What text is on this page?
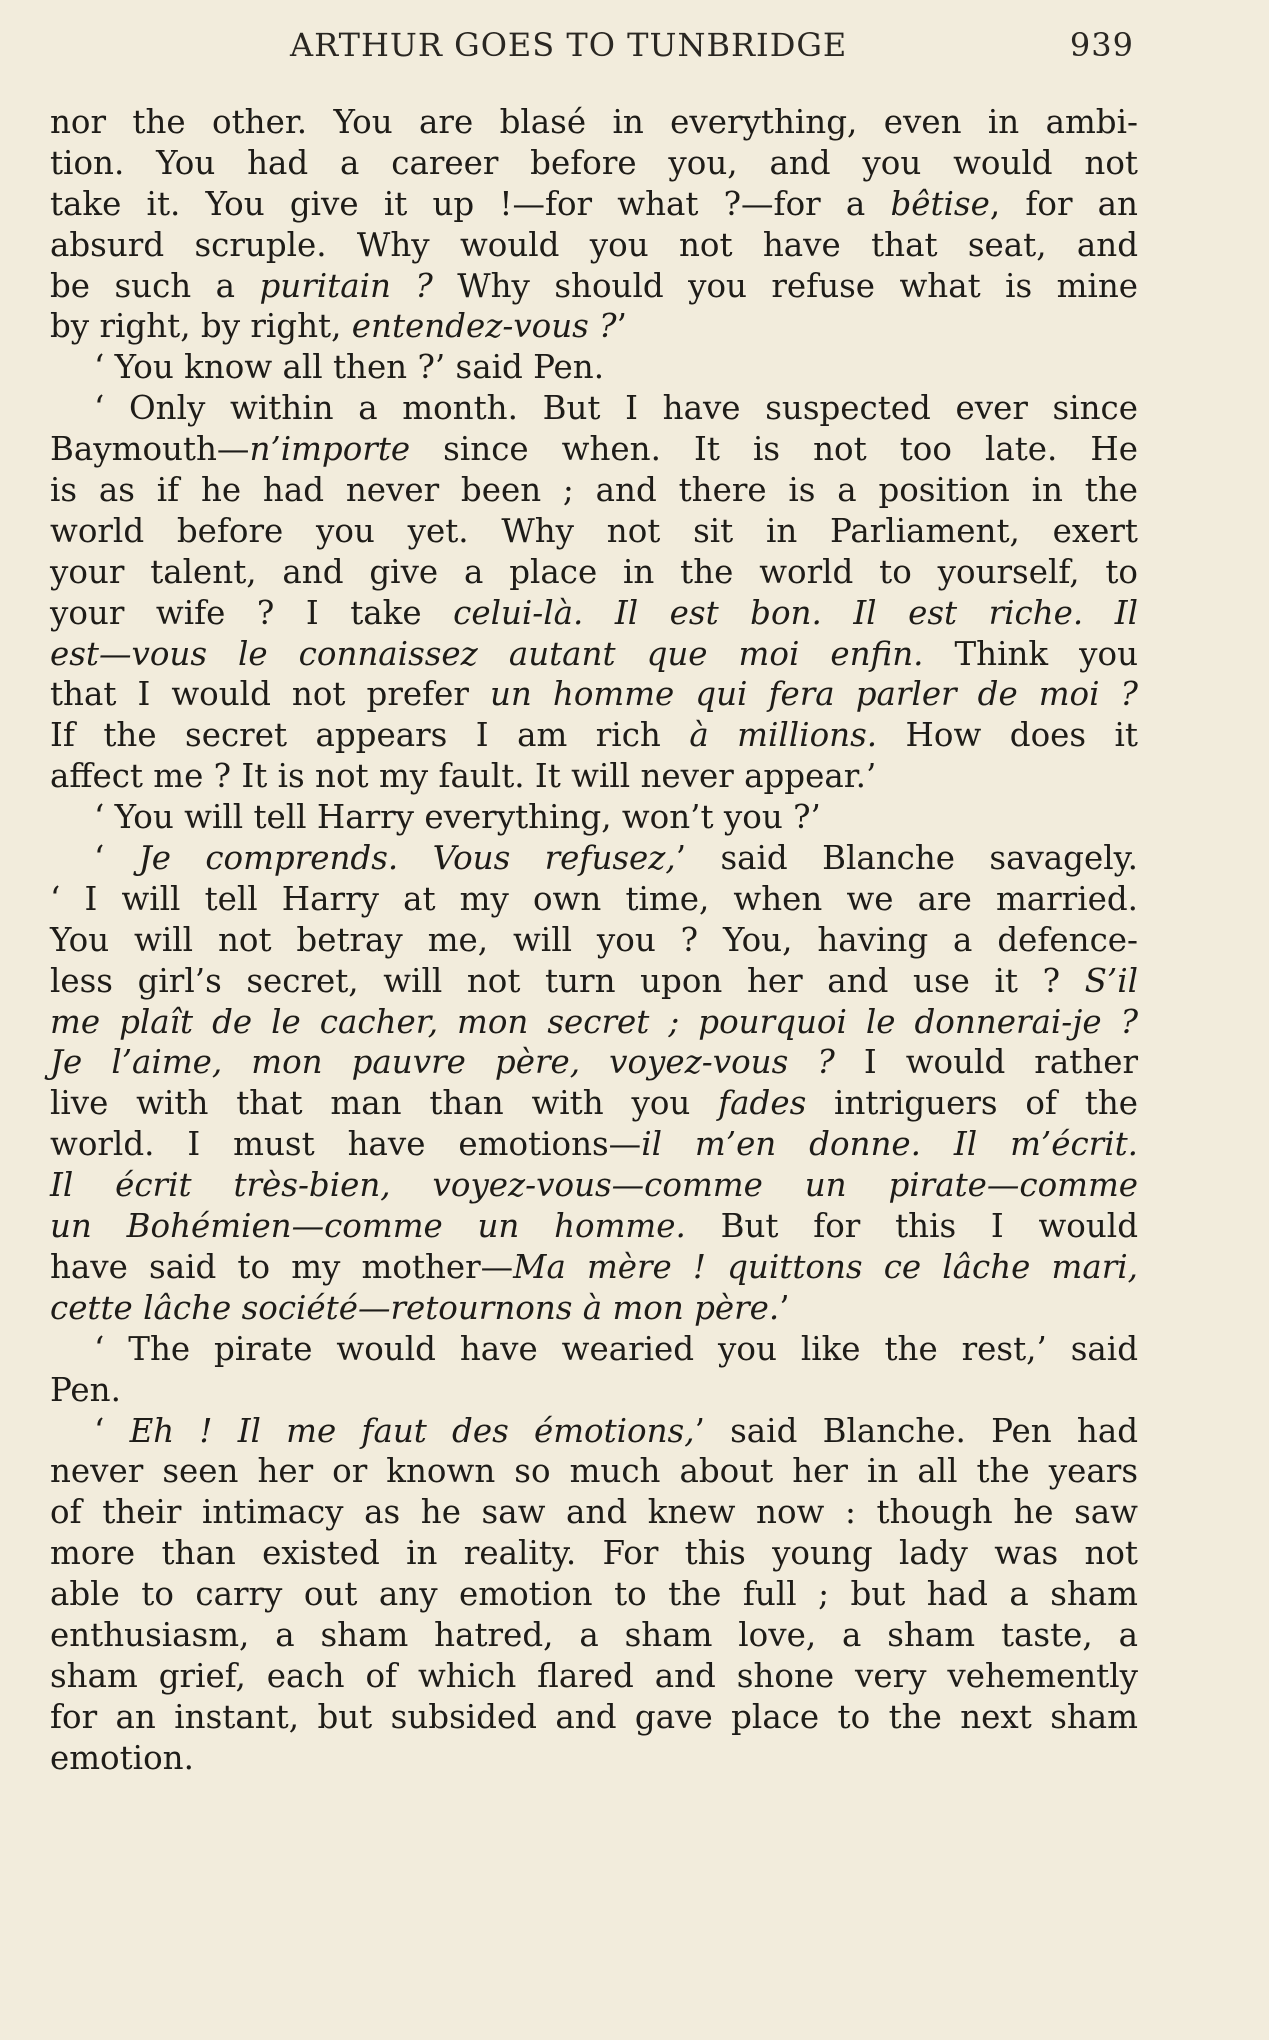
ARTHUR GOES TO TUNBRIDGE	939
nor the other. You are blasé in everything, even in ambi-
tion. You had a career before you, and you would not
take it. You give it up !—for what ?—for a bêtise, for an
absurd scruple. Why would you not have that seat, and
be such a puritain ? Why should you refuse what is mine
by right, by right, entendez-vous ?’
‘ You know all then ?’ said Pen.
‘ Only within a month. But I have suspected ever since
Baymouth—n’importe since when. It is not too late. He
is as if he had never been ; and there is a position in the
world before you yet. Why not sit in Parliament, exert
your talent, and give a place in the world to yourself, to
your wife ? I take celui-là. Il est bon. Il est riche. Il
est—vous le connaissez autant que moi enfin. Think you
that I would not prefer un homme qui fera parler de moi ?
If the secret appears I am rich à millions. How does it
affect me ? It is not my fault. It will never appear.’
‘ You will tell Harry everything, won’t you ?’
‘ Je comprends. Vous refusez,’ said Blanche savagely.
‘ I will tell Harry at my own time, when we are married.
You will not betray me, will you ? You, having a defence-
less girl’s secret, will not turn upon her and use it ? S’il
me plaît de le cacher, mon secret ; pourquoi le donnerai-je ?
Je l’aime, mon pauvre père, voyez-vous ? I would rather
live with that man than with you fades intriguers of the
world. I must have emotions—il m’en donne. Il m’écrit.
Il écrit très-bien, voyez-vous—comme un pirate—comme
un Bohémien—comme un homme. But for this I would
have said to my mother—Ma mère ! quittons ce lâche mari,
cette lâche société—retournons à mon père.’
‘ The pirate would have wearied you like the rest,’ said
Pen.
‘ Eh ! Il me faut des émotions,’ said Blanche. Pen had
never seen her or known so much about her in all the years
of their intimacy as he saw and knew now : though he saw
more than existed in reality. For this young lady was not
able to carry out any emotion to the full ; but had a sham
enthusiasm, a sham hatred, a sham love, a sham taste, a
sham grief, each of which flared and shone very vehemently
for an instant, but subsided and gave place to the next sham
emotion.
